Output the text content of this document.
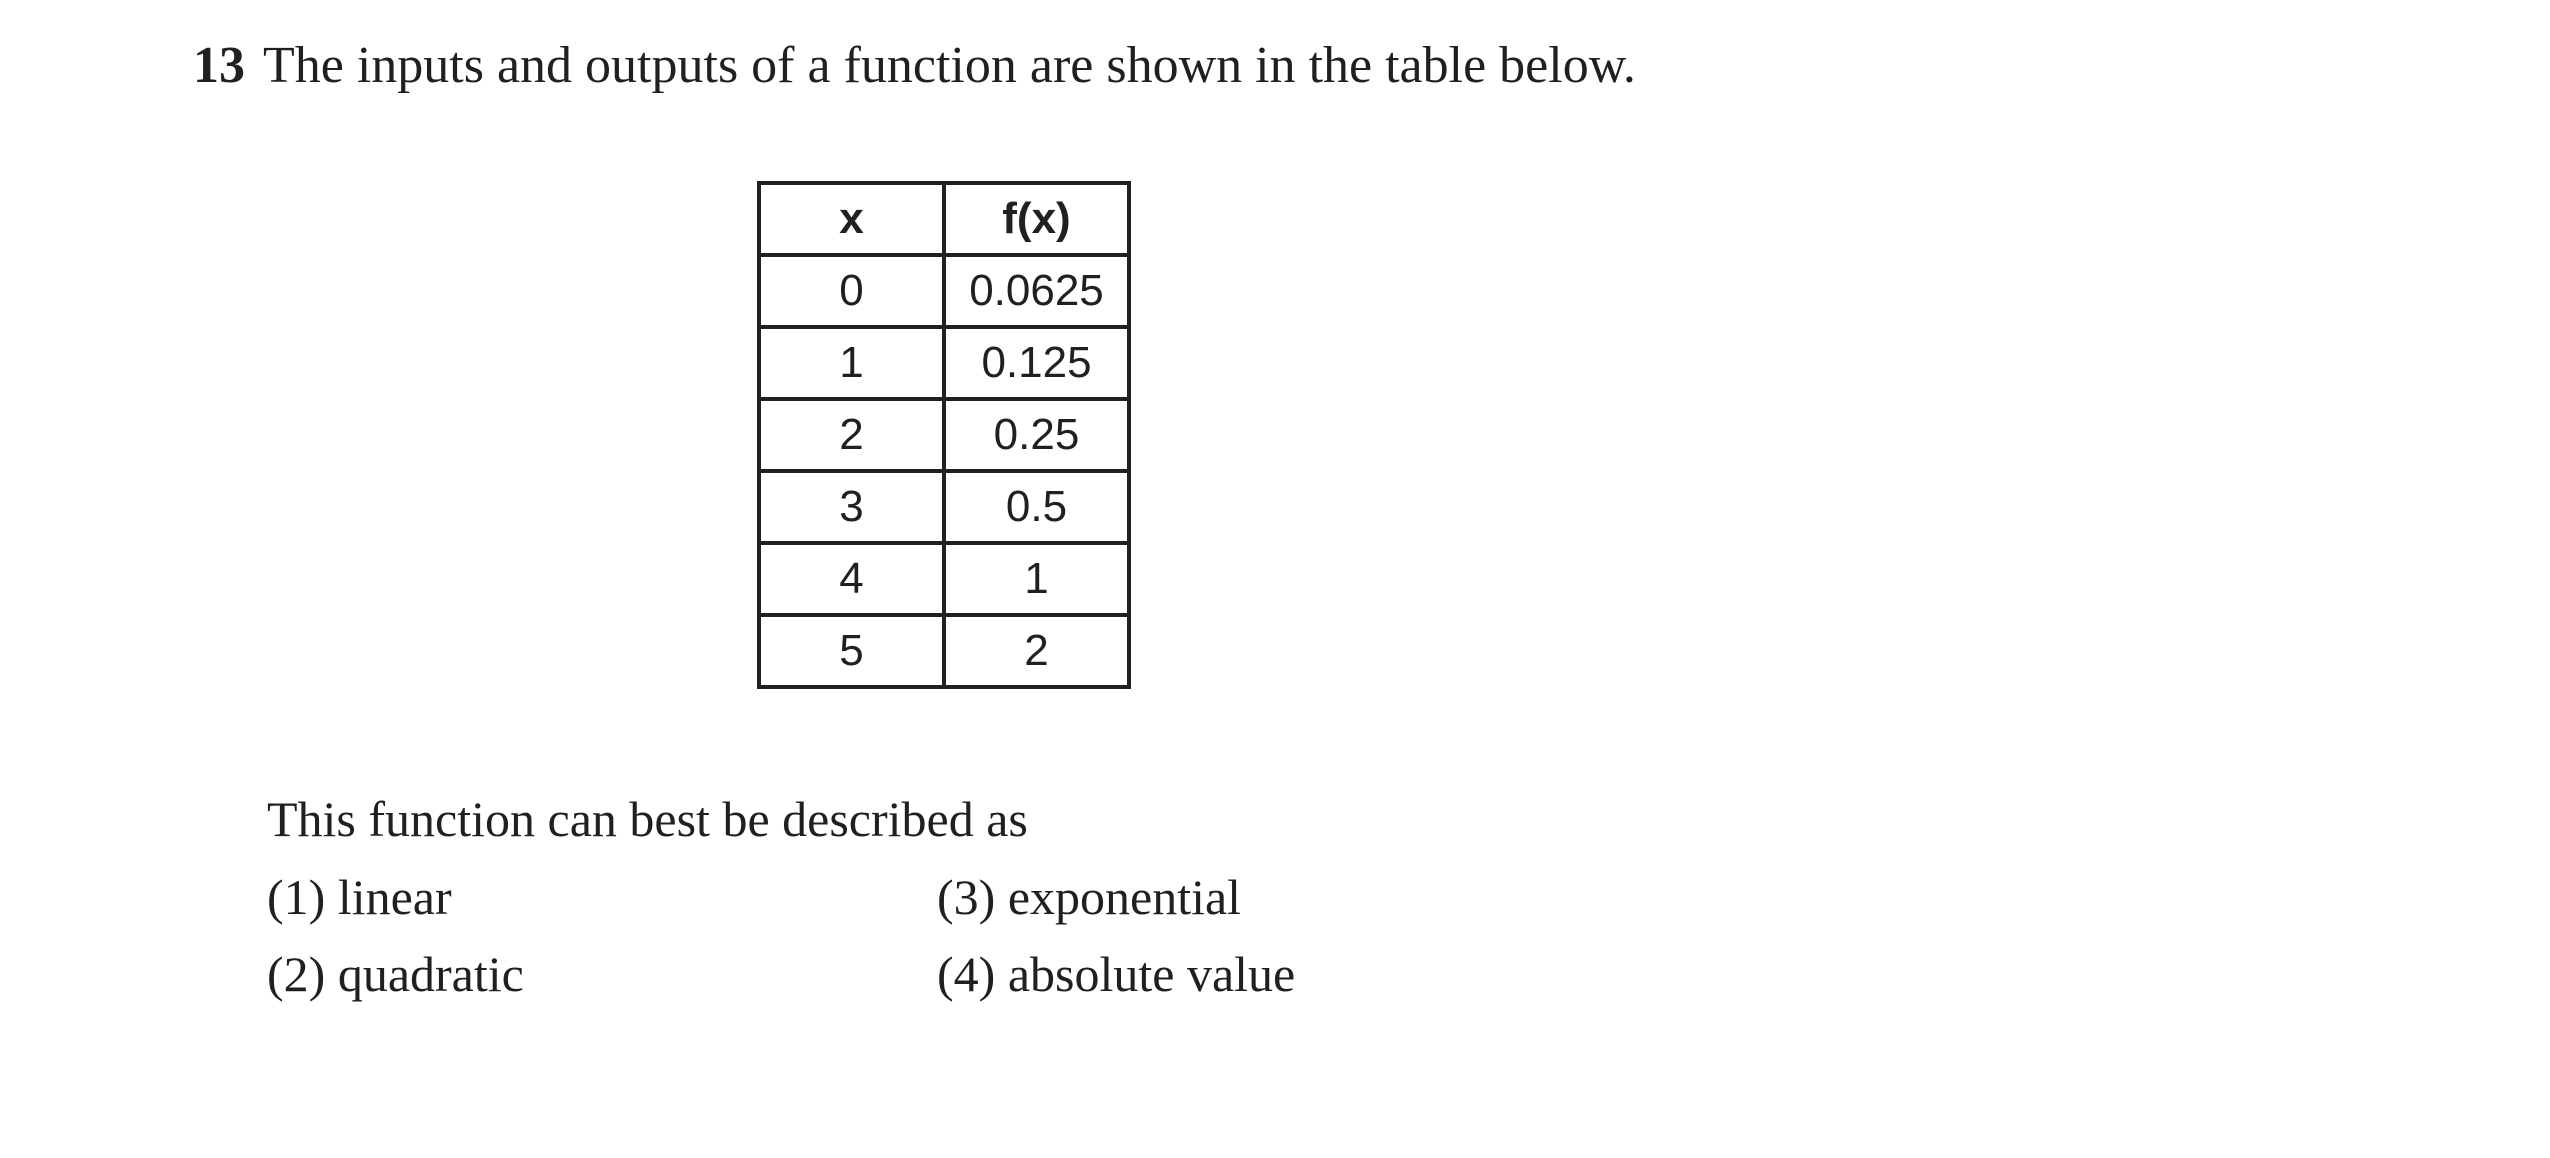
13 The inputs and outputs of a function are shown in the table below.
x	f(x)
0	0.0625
1	0.125
2	0.25
3	0.5
4	1
5	2
This function can best be described as
(1) linear
(2) quadratic
(3) exponential
(4) absolute value
